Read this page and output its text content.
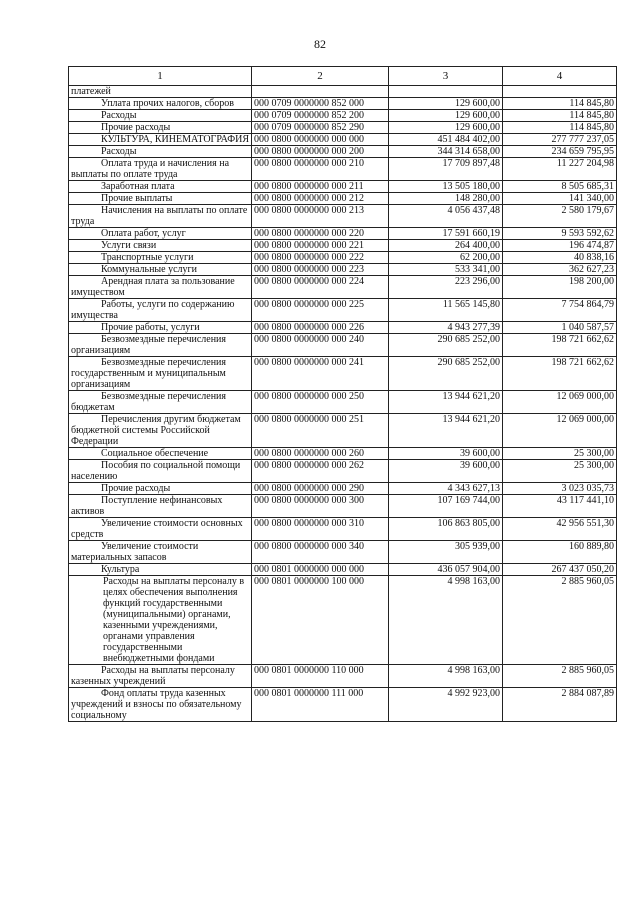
82
1	2	3	4
платежей			
Уплата прочих налогов, сборов	000 0709 0000000 852 000	129 600,00	114 845,80
Расходы	000 0709 0000000 852 200	129 600,00	114 845,80
Прочие расходы	000 0709 0000000 852 290	129 600,00	114 845,80
КУЛЬТУРА, КИНЕМАТОГРАФИЯ	000 0800 0000000 000 000	451 484 402,00	277 777 237,05
Расходы	000 0800 0000000 000 200	344 314 658,00	234 659 795,95
Оплата труда и начисления на выплаты по оплате труда	000 0800 0000000 000 210	17 709 897,48	11 227 204,98
Заработная плата	000 0800 0000000 000 211	13 505 180,00	8 505 685,31
Прочие выплаты	000 0800 0000000 000 212	148 280,00	141 340,00
Начисления на выплаты по оплате труда	000 0800 0000000 000 213	4 056 437,48	2 580 179,67
Оплата работ, услуг	000 0800 0000000 000 220	17 591 660,19	9 593 592,62
Услуги связи	000 0800 0000000 000 221	264 400,00	196 474,87
Транспортные услуги	000 0800 0000000 000 222	62 200,00	40 838,16
Коммунальные услуги	000 0800 0000000 000 223	533 341,00	362 627,23
Арендная плата за пользование имуществом	000 0800 0000000 000 224	223 296,00	198 200,00
Работы, услуги по содержанию имущества	000 0800 0000000 000 225	11 565 145,80	7 754 864,79
Прочие работы, услуги	000 0800 0000000 000 226	4 943 277,39	1 040 587,57
Безвозмездные перечисления организациям	000 0800 0000000 000 240	290 685 252,00	198 721 662,62
Безвозмездные перечисления государственным и муниципальным организациям	000 0800 0000000 000 241	290 685 252,00	198 721 662,62
Безвозмездные перечисления бюджетам	000 0800 0000000 000 250	13 944 621,20	12 069 000,00
Перечисления другим бюджетам бюджетной системы Российской Федерации	000 0800 0000000 000 251	13 944 621,20	12 069 000,00
Социальное обеспечение	000 0800 0000000 000 260	39 600,00	25 300,00
Пособия по социальной помощи населению	000 0800 0000000 000 262	39 600,00	25 300,00
Прочие расходы	000 0800 0000000 000 290	4 343 627,13	3 023 035,73
Поступление нефинансовых активов	000 0800 0000000 000 300	107 169 744,00	43 117 441,10
Увеличение стоимости основных средств	000 0800 0000000 000 310	106 863 805,00	42 956 551,30
Увеличение стоимости материальных запасов	000 0800 0000000 000 340	305 939,00	160 889,80
Культура	000 0801 0000000 000 000	436 057 904,00	267 437 050,20
Расходы на выплаты персоналу в целях обеспечения выполнения функций государственными (муниципальными) органами, казенными учреждениями, органами управления государственными внебюджетными фондами	000 0801 0000000 100 000	4 998 163,00	2 885 960,05
Расходы на выплаты персоналу казенных учреждений	000 0801 0000000 110 000	4 998 163,00	2 885 960,05
Фонд оплаты труда казенных учреждений и взносы по обязательному социальному	000 0801 0000000 111 000	4 992 923,00	2 884 087,89
